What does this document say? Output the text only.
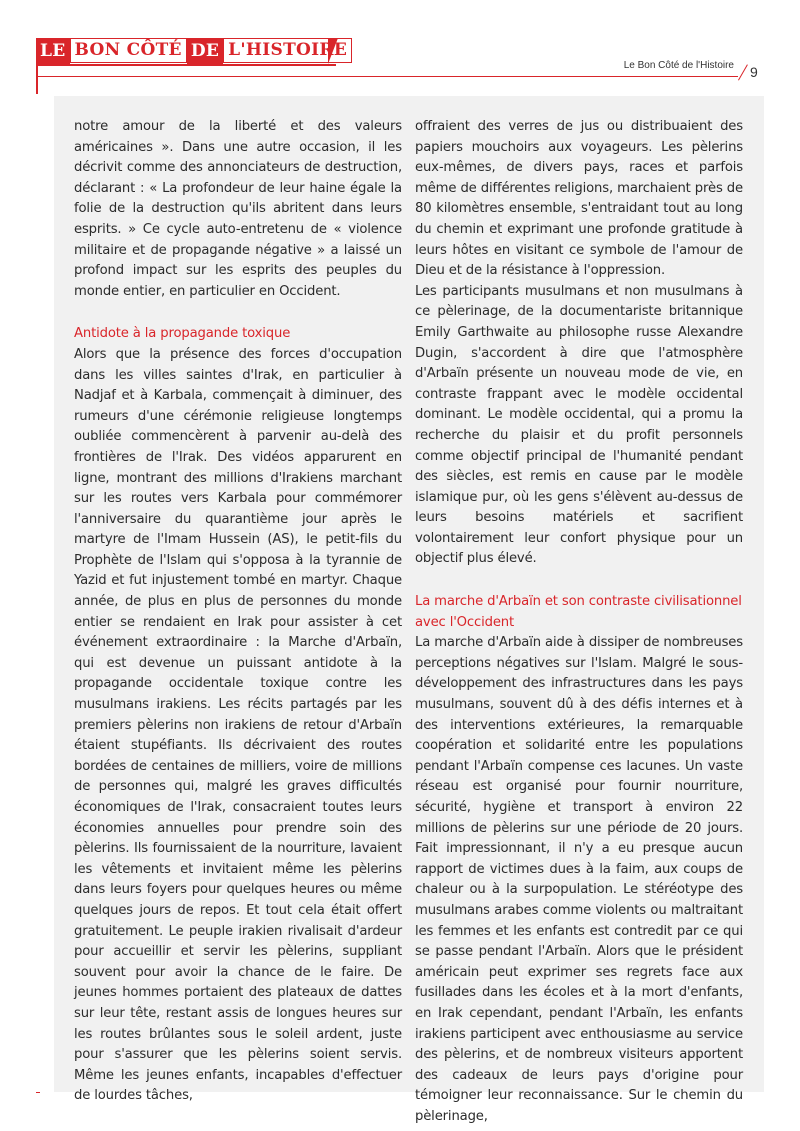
LE BON CÔTÉ DE L'HISTOIRE
Le Bon Côté de l'Histoire 9

notre amour de la liberté et des valeurs américaines ». Dans une autre occasion, il les décrivit comme des annonciateurs de destruction, déclarant : « La profondeur de leur haine égale la folie de la destruction qu'ils abritent dans leurs esprits. » Ce cycle auto-entretenu de « violence militaire et de propagande négative » a laissé un profond impact sur les esprits des peuples du monde entier, en particulier en Occident.

Antidote à la propagande toxique

Alors que la présence des forces d'occupation dans les villes saintes d'Irak, en particulier à Nadjaf et à Karbala, commençait à diminuer, des rumeurs d'une cérémonie religieuse longtemps oubliée commencèrent à parvenir au-delà des frontières de l'Irak. Des vidéos apparurent en ligne, montrant des millions d'Irakiens marchant sur les routes vers Karbala pour commémorer l'anniversaire du quarantième jour après le martyre de l'Imam Hussein (AS), le petit-fils du Prophète de l'Islam qui s'opposa à la tyrannie de Yazid et fut injustement tombé en martyr. Chaque année, de plus en plus de personnes du monde entier se rendaient en Irak pour assister à cet événement extraordinaire : la Marche d'Arbaïn, qui est devenue un puissant antidote à la propagande occidentale toxique contre les musulmans irakiens. Les récits partagés par les premiers pèlerins non irakiens de retour d'Arbaïn étaient stupéfiants. Ils décrivaient des routes bordées de centaines de milliers, voire de millions de personnes qui, malgré les graves difficultés économiques de l'Irak, consacraient toutes leurs économies annuelles pour prendre soin des pèlerins. Ils fournissaient de la nourriture, lavaient les vêtements et invitaient même les pèlerins dans leurs foyers pour quelques heures ou même quelques jours de repos. Et tout cela était offert gratuitement. Le peuple irakien rivalisait d'ardeur pour accueillir et servir les pèlerins, suppliant souvent pour avoir la chance de le faire. De jeunes hommes portaient des plateaux de dattes sur leur tête, restant assis de longues heures sur les routes brûlantes sous le soleil ardent, juste pour s'assurer que les pèlerins soient servis. Même les jeunes enfants, incapables d'effectuer de lourdes tâches,

offraient des verres de jus ou distribuaient des papiers mouchoirs aux voyageurs. Les pèlerins eux-mêmes, de divers pays, races et parfois même de différentes religions, marchaient près de 80 kilomètres ensemble, s'entraidant tout au long du chemin et exprimant une profonde gratitude à leurs hôtes en visitant ce symbole de l'amour de Dieu et de la résistance à l'oppression.

Les participants musulmans et non musulmans à ce pèlerinage, de la documentariste britannique Emily Garthwaite au philosophe russe Alexandre Dugin, s'accordent à dire que l'atmosphère d'Arbaïn présente un nouveau mode de vie, en contraste frappant avec le modèle occidental dominant. Le modèle occidental, qui a promu la recherche du plaisir et du profit personnels comme objectif principal de l'humanité pendant des siècles, est remis en cause par le modèle islamique pur, où les gens s'élèvent au-dessus de leurs besoins matériels et sacrifient volontairement leur confort physique pour un objectif plus élevé.

La marche d'Arbaïn et son contraste civilisationnel avec l'Occident

La marche d'Arbaïn aide à dissiper de nombreuses perceptions négatives sur l'Islam. Malgré le sous-développement des infrastructures dans les pays musulmans, souvent dû à des défis internes et à des interventions extérieures, la remarquable coopération et solidarité entre les populations pendant l'Arbaïn compense ces lacunes. Un vaste réseau est organisé pour fournir nourriture, sécurité, hygiène et transport à environ 22 millions de pèlerins sur une période de 20 jours. Fait impressionnant, il n'y a eu presque aucun rapport de victimes dues à la faim, aux coups de chaleur ou à la surpopulation. Le stéréotype des musulmans arabes comme violents ou maltraitant les femmes et les enfants est contredit par ce qui se passe pendant l'Arbaïn. Alors que le président américain peut exprimer ses regrets face aux fusillades dans les écoles et à la mort d'enfants, en Irak cependant, pendant l'Arbaïn, les enfants irakiens participent avec enthousiasme au service des pèlerins, et de nombreux visiteurs apportent des cadeaux de leurs pays d'origine pour témoigner leur reconnaissance. Sur le chemin du pèlerinage,
